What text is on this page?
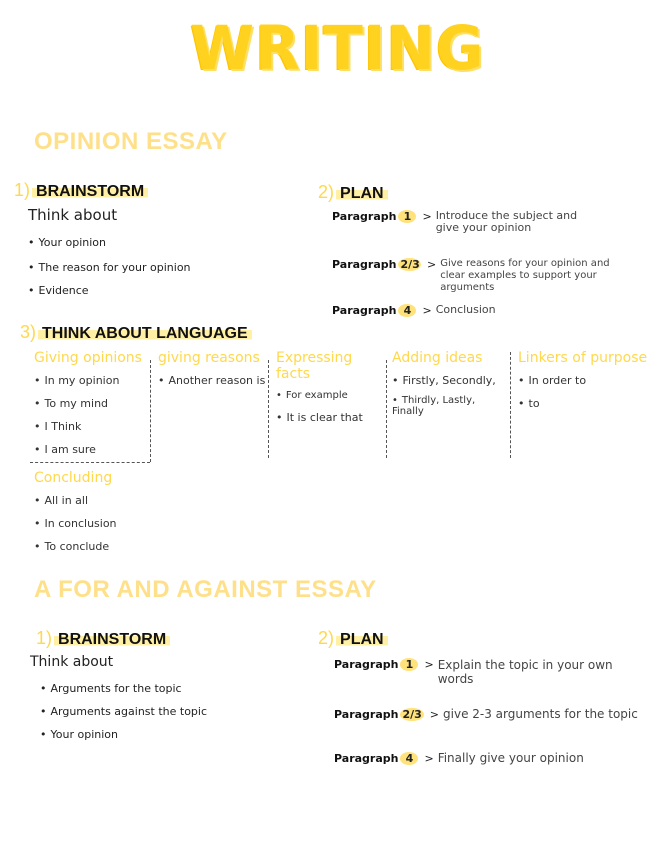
WRITING
OPINION ESSAY
1) BRAINSTORM
Think about
• Your opinion
• The reason for your opinion
• Evidence
2) PLAN
Paragraph 1	> Introduce the subject and give your opinion
Paragraph 2/3 > Give reasons for your opinion and clear examples to support your arguments
Paragraph 4	> Conclusion
3) THINK ABOUT LANGUAGE
Giving opinions
• In my opinion
• To my mind
• I Think
• I am sure
giving reasons
• Another reason is
Expressing facts
• For example
• It is clear that
Adding ideas
• Firstly, Secondly,
• Thirdly, Lastly, Finally
Linkers of purpose
• In order to
• to
Concluding
• All in all
• In conclusion
• To conclude
A FOR AND AGAINST ESSAY
1) BRAINSTORM
Think about
• Arguments for the topic
• Arguments against the topic
• Your opinion
2) PLAN
Paragraph 1	> Explain the topic in your own words
Paragraph 2/3 > give 2-3 arguments for the topic
Paragraph 4	> Finally give your opinion
